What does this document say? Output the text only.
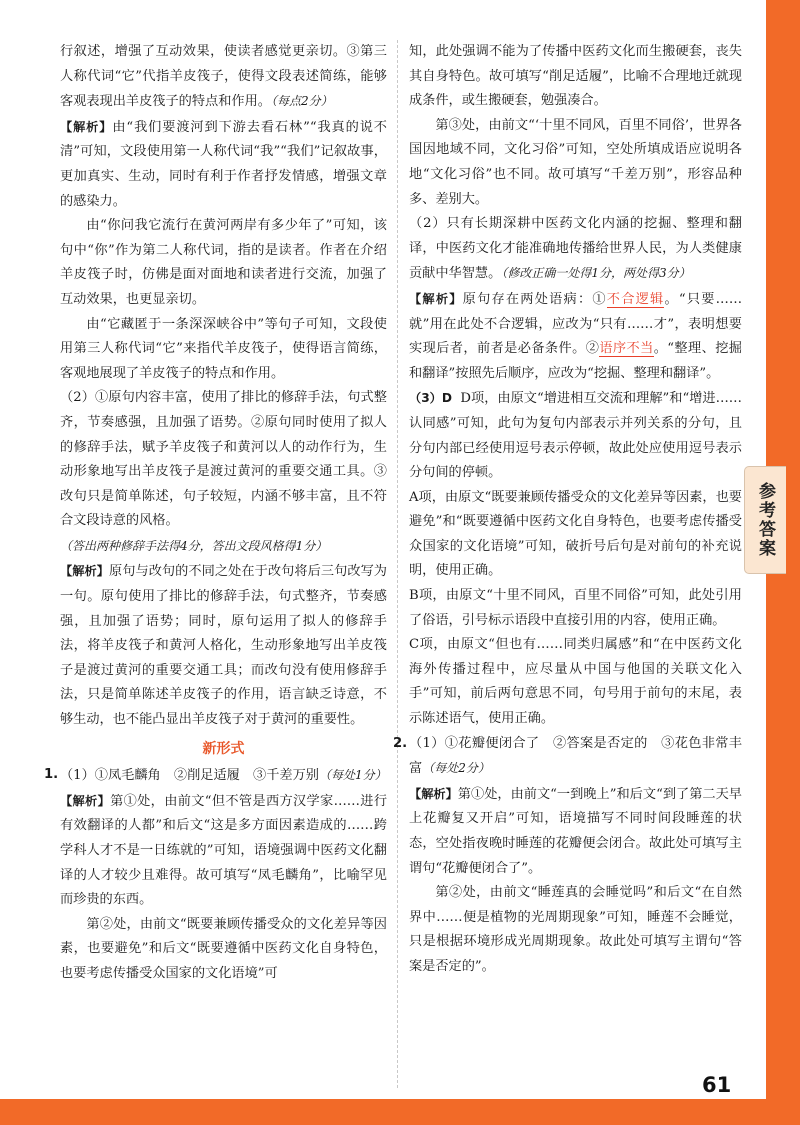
参考答案

行叙述，增强了互动效果，使读者感觉更亲切。③第三人称代词“它”代指羊皮筏子，使得文段表述简练，能够客观表现出羊皮筏子的特点和作用。（每点2分）

【解析】由“我们要渡河到下游去看石林”“我真的说不清”可知，文段使用第一人称代词“我”“我们”记叙故事，更加真实、生动，同时有利于作者抒发情感，增强文章的感染力。

由“你问我它流行在黄河两岸有多少年了”可知，该句中“你”作为第二人称代词，指的是读者。作者在介绍羊皮筏子时，仿佛是面对面地和读者进行交流，加强了互动效果，也更显亲切。

由“它藏匿于一条深深峡谷中”等句子可知，文段使用第三人称代词“它”来指代羊皮筏子，使得语言简练，客观地展现了羊皮筏子的特点和作用。

（2）①原句内容丰富，使用了排比的修辞手法，句式整齐，节奏感强，且加强了语势。②原句同时使用了拟人的修辞手法，赋予羊皮筏子和黄河以人的动作行为，生动形象地写出羊皮筏子是渡过黄河的重要交通工具。③改句只是简单陈述，句子较短，内涵不够丰富，且不符合文段诗意的风格。
（答出两种修辞手法得4分，答出文段风格得1分）

【解析】原句与改句的不同之处在于改句将后三句改写为一句。原句使用了排比的修辞手法，句式整齐，节奏感强，且加强了语势；同时，原句运用了拟人的修辞手法，将羊皮筏子和黄河人格化，生动形象地写出羊皮筏子是渡过黄河的重要交通工具；而改句没有使用修辞手法，只是简单陈述羊皮筏子的作用，语言缺乏诗意，不够生动，也不能凸显出羊皮筏子对于黄河的重要性。

新形式

1. （1）①凤毛麟角　②削足适履　③千差万别（每处1分）

【解析】第①处，由前文“但不管是西方汉学家……进行有效翻译的人都”和后文“这是多方面因素造成的……跨学科人才不是一日练就的”可知，语境强调中医药文化翻译的人才较少且难得。故可填写“凤毛麟角”，比喻罕见而珍贵的东西。

第②处，由前文“既要兼顾传播受众的文化差异等因素，也要避免”和后文“既要遵循中医药文化自身特色，也要考虑传播受众国家的文化语境”可

知，此处强调不能为了传播中医药文化而生搬硬套，丧失其自身特色。故可填写“削足适履”，比喻不合理地迁就现成条件，或生搬硬套，勉强凑合。

第③处，由前文“‘十里不同风，百里不同俗’，世界各国因地域不同，文化习俗”可知，空处所填成语应说明各地“文化习俗”也不同。故可填写“千差万别”，形容品种多、差别大。

（2）只有长期深耕中医药文化内涵的挖掘、整理和翻译，中医药文化才能准确地传播给世界人民，为人类健康贡献中华智慧。（修改正确一处得1分，两处得3分）

【解析】原句存在两处语病：①不合逻辑。“只要……就”用在此处不合逻辑，应改为“只有……才”，表明想要实现后者，前者是必备条件。②语序不当。“整理、挖掘和翻译”按照先后顺序，应改为“挖掘、整理和翻译”。

（3）D D项，由原文“增进相互交流和理解”和“增进……认同感”可知，此句为复句内部表示并列关系的分句，且分句内部已经使用逗号表示停顿，故此处应使用逗号表示分句间的停顿。

A项，由原文“既要兼顾传播受众的文化差异等因素，也要避免”和“既要遵循中医药文化自身特色，也要考虑传播受众国家的文化语境”可知，破折号后句是对前句的补充说明，使用正确。

B项，由原文“十里不同风，百里不同俗”可知，此处引用了俗语，引号标示语段中直接引用的内容，使用正确。

C项，由原文“但也有……同类归属感”和“在中医药文化海外传播过程中，应尽量从中国与他国的关联文化入手”可知，前后两句意思不同，句号用于前句的末尾，表示陈述语气，使用正确。

2. （1）①花瓣便闭合了　②答案是否定的　③花色非常丰富（每处2分）

【解析】第①处，由前文“一到晚上”和后文“到了第二天早上花瓣复又开启”可知，语境描写不同时间段睡莲的状态，空处指夜晚时睡莲的花瓣便会闭合。故此处可填写主谓句“花瓣便闭合了”。

第②处，由前文“睡莲真的会睡觉吗”和后文“在自然界中……便是植物的光周期现象”可知，睡莲不会睡觉，只是根据环境形成光周期现象。故此处可填写主谓句“答案是否定的”。

61
